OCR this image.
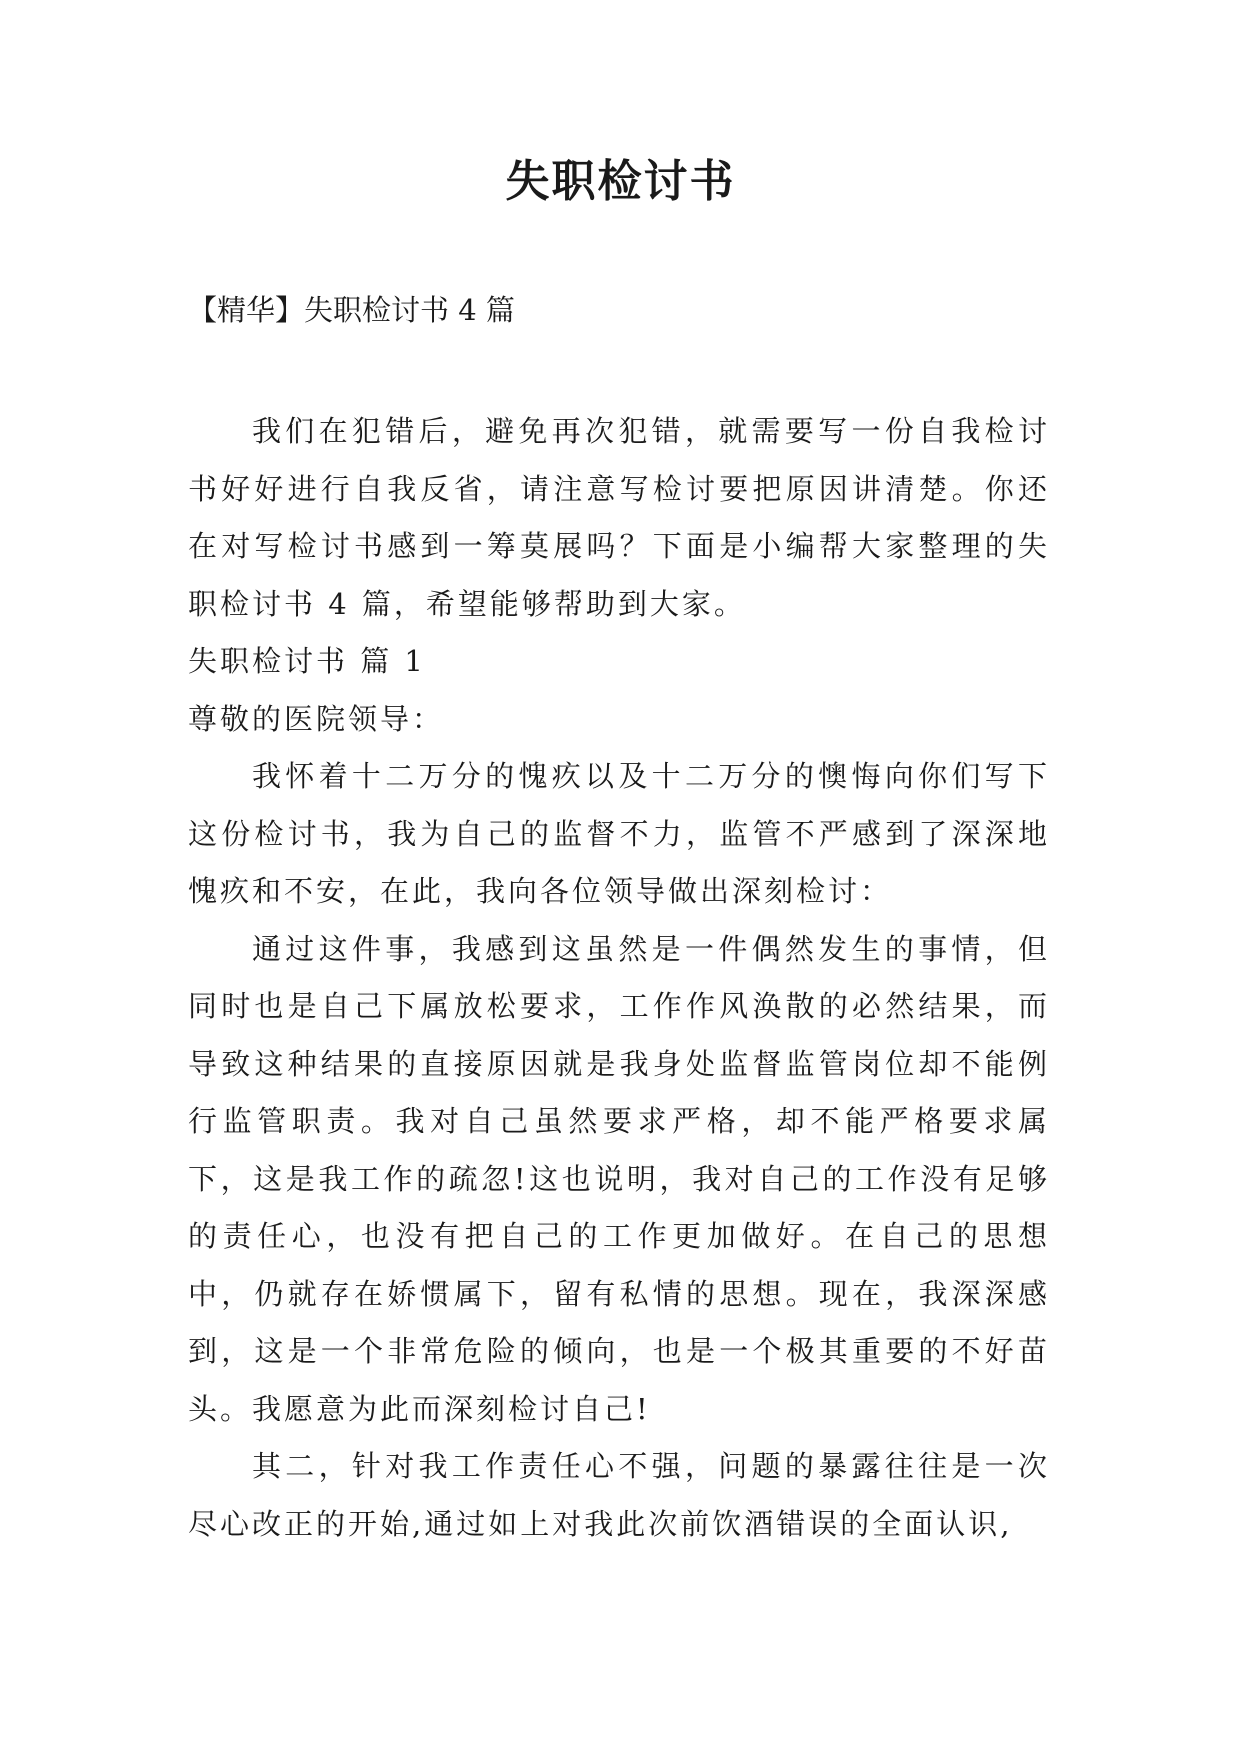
失职检讨书

【精华】失职检讨书 4 篇

我们在犯错后，避免再次犯错，就需要写一份自我检讨书好好进行自我反省，请注意写检讨要把原因讲清楚。你还在对写检讨书感到一筹莫展吗？下面是小编帮大家整理的失职检讨书 4 篇，希望能够帮助到大家。

失职检讨书 篇 1

尊敬的医院领导：

我怀着十二万分的愧疚以及十二万分的懊悔向你们写下这份检讨书，我为自己的监督不力，监管不严感到了深深地愧疚和不安，在此，我向各位领导做出深刻检讨：

通过这件事，我感到这虽然是一件偶然发生的事情，但同时也是自己下属放松要求，工作作风涣散的必然结果，而导致这种结果的直接原因就是我身处监督监管岗位却不能例行监管职责。我对自己虽然要求严格，却不能严格要求属下，这是我工作的疏忽!这也说明，我对自己的工作没有足够的责任心，也没有把自己的工作更加做好。在自己的思想中，仍就存在娇惯属下，留有私情的思想。现在，我深深感到，这是一个非常危险的倾向，也是一个极其重要的不好苗头。我愿意为此而深刻检讨自己!

其二，针对我工作责任心不强，问题的暴露往往是一次尽心改正的开始,通过如上对我此次前饮酒错误的全面认识,
